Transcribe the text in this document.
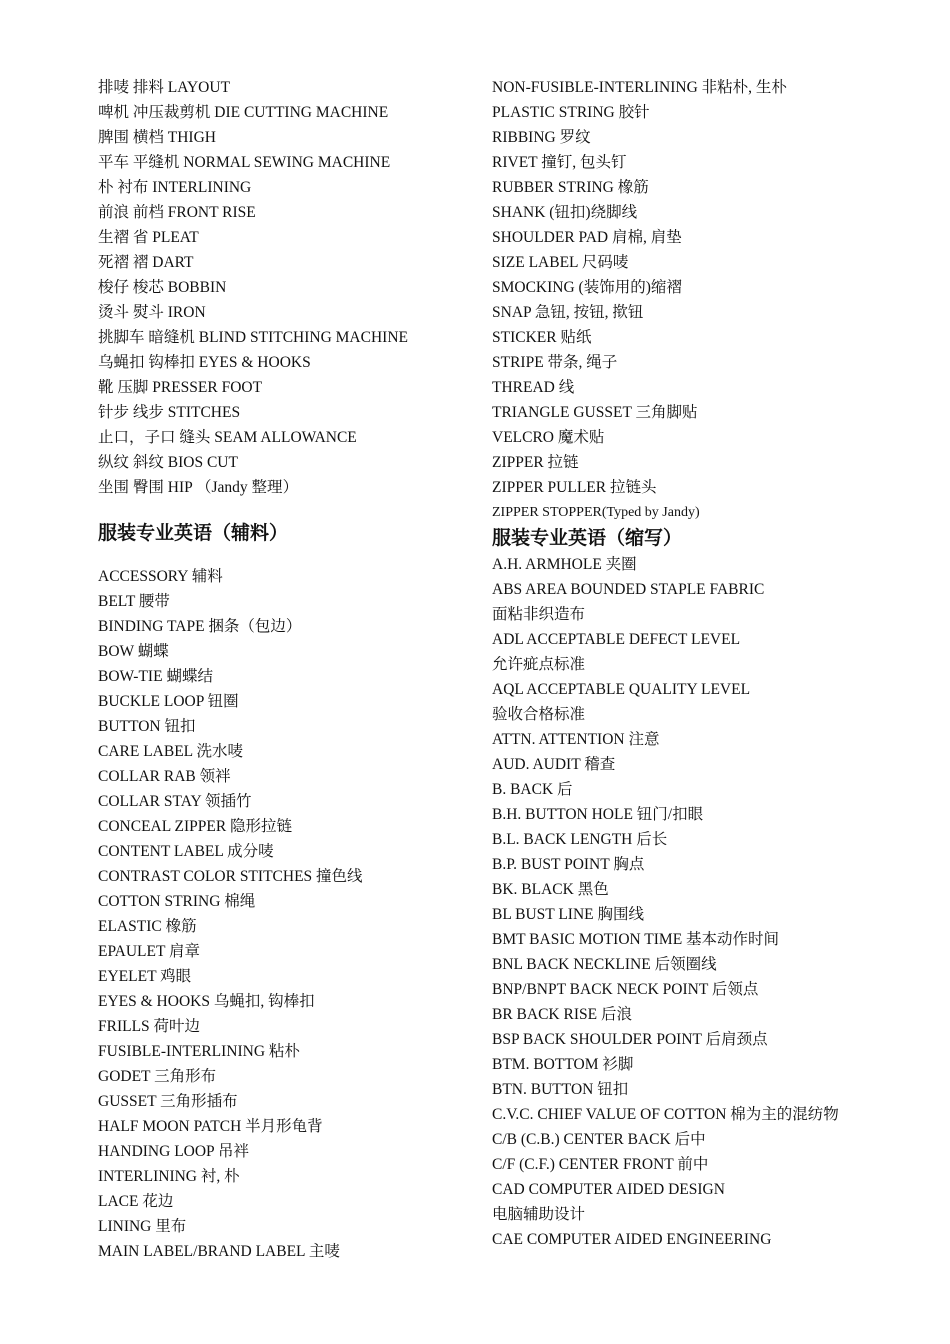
排唛 排料 LAYOUT
啤机 冲压裁剪机 DIE CUTTING MACHINE
脾围 横档 THIGH
平车 平缝机 NORMAL SEWING MACHINE
朴 衬布 INTERLINING
前浪 前档 FRONT RISE
生褶 省 PLEAT
死褶 褶 DART
梭仔 梭芯 BOBBIN
烫斗 熨斗 IRON
挑脚车 暗缝机 BLIND STITCHING MACHINE
乌蝇扣 钩棒扣 EYES & HOOKS
靴 压脚 PRESSER FOOT
针步 线步 STITCHES
止口，子口 缝头 SEAM ALLOWANCE
纵纹 斜纹 BIOS CUT
坐围 臀围 HIP （Jandy 整理）
服装专业英语（辅料）
ACCESSORY 辅料
BELT 腰带
BINDING TAPE 捆条（包边）
BOW 蝴蝶
BOW-TIE 蝴蝶结
BUCKLE LOOP 钮圈
BUTTON 钮扣
CARE LABEL 洗水唛
COLLAR RAB 领袢
COLLAR STAY 领插竹
CONCEAL ZIPPER 隐形拉链
CONTENT LABEL 成分唛
CONTRAST COLOR STITCHES 撞色线
COTTON STRING 棉绳
ELASTIC 橡筋
EPAULET 肩章
EYELET 鸡眼
EYES & HOOKS 乌蝇扣, 钩棒扣
FRILLS 荷叶边
FUSIBLE-INTERLINING 粘朴
GODET 三角形布
GUSSET 三角形插布
HALF MOON PATCH 半月形龟背
HANDING LOOP 吊袢
INTERLINING 衬, 朴
LACE 花边
LINING 里布
MAIN LABEL/BRAND LABEL 主唛
NON-FUSIBLE-INTERLINING 非粘朴, 生朴
PLASTIC STRING 胶针
RIBBING 罗纹
RIVET 撞钉, 包头钉
RUBBER STRING 橡筋
SHANK (钮扣)绕脚线
SHOULDER PAD 肩棉, 肩垫
SIZE LABEL 尺码唛
SMOCKING (装饰用的)缩褶
SNAP 急钮, 按钮, 揿钮
STICKER 贴纸
STRIPE 带条, 绳子
THREAD 线
TRIANGLE GUSSET 三角脚贴
VELCRO 魔术贴
ZIPPER 拉链
ZIPPER PULLER 拉链头
ZIPPER STOPPER(Typed by Jandy)
服装专业英语（缩写）
A.H. ARMHOLE 夹圈
ABS AREA BOUNDED STAPLE FABRIC
面粘非织造布
ADL ACCEPTABLE DEFECT LEVEL
允许疵点标准
AQL ACCEPTABLE QUALITY LEVEL
验收合格标准
ATTN. ATTENTION 注意
AUD. AUDIT 稽查
B. BACK 后
B.H. BUTTON HOLE 钮门/扣眼
B.L. BACK LENGTH 后长
B.P. BUST POINT 胸点
BK. BLACK 黑色
BL BUST LINE 胸围线
BMT BASIC MOTION TIME 基本动作时间
BNL BACK NECKLINE 后领圈线
BNP/BNPT BACK NECK POINT 后领点
BR BACK RISE 后浪
BSP BACK SHOULDER POINT 后肩颈点
BTM. BOTTOM 衫脚
BTN. BUTTON 钮扣
C.V.C. CHIEF VALUE OF COTTON 棉为主的混纺物
C/B (C.B.) CENTER BACK 后中
C/F (C.F.) CENTER FRONT 前中
CAD COMPUTER AIDED DESIGN
电脑辅助设计
CAE COMPUTER AIDED ENGINEERING
